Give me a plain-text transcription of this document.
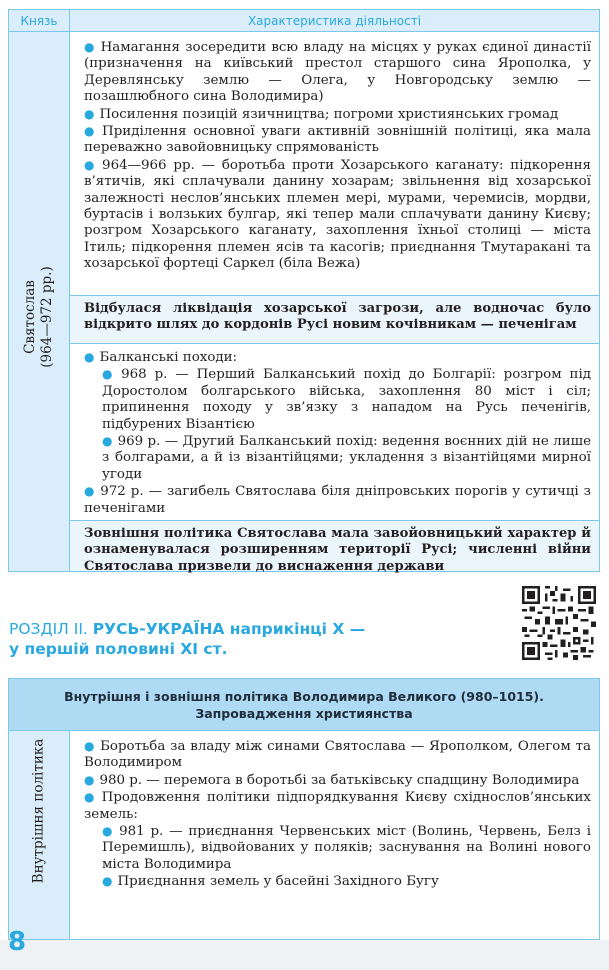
Князь	Характеристика діяльності
Святослав (964—972 рр.)

● Намагання зосередити всю владу на місцях у руках єдиної династії (призначення на київський престол старшого сина Ярополка, у Деревлянську землю — Олега, у Новгородську землю — позашлюбного сина Володимира)

● Посилення позицій язичництва; погроми християнських громад

● Приділення основної уваги активній зовнішній політиці, яка мала переважно завойовницьку спрямованість

● 964—966 рр. — боротьба проти Хозарського каганату: підкорення в’ятичів, які сплачували данину хозарам; звільнення від хозарської залежності неслов’янських племен мері, мурами, черемисів, мордви, буртасів і волзьких булгар, які тепер мали сплачувати данину Києву; розгром Хозарського каганату, захоплення їхньої столиці — міста Ітиль; підкорення племен ясів та касогів; приєднання Тмутаракані та хозарської фортеці Саркел (біла Вежа)

Відбулася ліквідація хозарської загрози, але водночас було відкрито шлях до кордонів Русі новим кочівникам — печенігам

● Балканські походи:

● 968 р. — Перший Балканський похід до Болгарії: розгром під Доростолом болгарського війська, захоплення 80 міст і сіл; припинення походу у зв’язку з нападом на Русь печенігів, підбурених Візантією

● 969 р. — Другий Балканський похід: ведення воєнних дій не лише з болгарами, а й із візантійцями; укладення з візантійцями мирної угоди

● 972 р. — загибель Святослава біля дніпровських порогів у сутичці з печенігами

Зовнішня політика Святослава мала завойовницький характер й ознаменувалася розширенням території Русі; численні війни Святослава призвели до виснаження держави

РОЗДІЛ ІІ. РУСЬ-УКРАЇНА наприкінці Х —
у першій половині ХІ ст.
Внутрішня і зовнішня політика Володимира Великого (980–1015).
Запровадження християнства
Внутрішня політика	● Боротьба за владу між синами Святослава — Ярополком, Олегом та Володимиром

● 980 р. — перемога в боротьбі за батьківську спадщину Володимира

● Продовження політики підпорядкування Києву східнослов’янських земель:

● 981 р. — приєднання Червенських міст (Волинь, Червень, Белз і Перемишль), відвойованих у поляків; заснування на Волині нового міста Володимира

● Приєднання земель у басейні Західного Бугу

8
